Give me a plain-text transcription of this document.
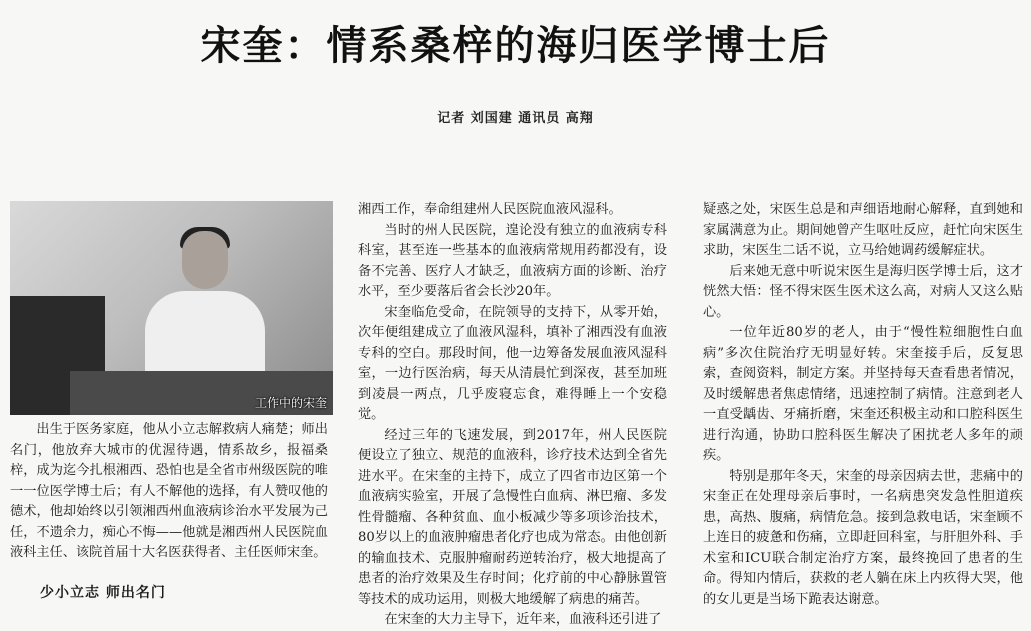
宋奎：情系桑梓的海归医学博士后
记者 刘国建 通讯员 高翔
工作中的宋奎

出生于医务家庭，他从小立志解救病人痛楚；师出名门，他放弃大城市的优渥待遇，情系故乡，报福桑梓，成为迄今扎根湘西、恐怕也是全省市州级医院的唯一一位医学博士后；有人不解他的选择，有人赞叹他的德术，他却始终以引领湘西州血液病诊治水平发展为己任，不遗余力，痴心不悔——他就是湘西州人民医院血液科主任、该院首届十大名医获得者、主任医师宋奎。

少小立志 师出名门

湘西工作，奉命组建州人民医院血液风湿科。

当时的州人民医院，遑论没有独立的血液病专科科室，甚至连一些基本的血液病常规用药都没有，设备不完善、医疗人才缺乏，血液病方面的诊断、治疗水平，至少要落后省会长沙20年。

宋奎临危受命，在院领导的支持下，从零开始，次年便组建成立了血液风湿科，填补了湘西没有血液专科的空白。那段时间，他一边筹备发展血液风湿科室，一边行医治病，每天从清晨忙到深夜，甚至加班到凌晨一两点，几乎废寝忘食，难得睡上一个安稳觉。

经过三年的飞速发展，到2017年，州人民医院便设立了独立、规范的血液科，诊疗技术达到全省先进水平。在宋奎的主持下，成立了四省市边区第一个血液病实验室，开展了急慢性白血病、淋巴瘤、多发性骨髓瘤、各种贫血、血小板减少等多项诊治技术，80岁以上的血液肿瘤患者化疗也成为常态。由他创新的输血技术、克服肿瘤耐药逆转治疗，极大地提高了患者的治疗效果及生存时间；化疗前的中心静脉置管等技术的成功运用，则极大地缓解了病患的痛苦。

在宋奎的大力主导下，近年来，血液科还引进了

疑惑之处，宋医生总是和声细语地耐心解释，直到她和家属满意为止。期间她曾产生呕吐反应，赶忙向宋医生求助，宋医生二话不说，立马给她调药缓解症状。

后来她无意中听说宋医生是海归医学博士后，这才恍然大悟：怪不得宋医生医术这么高，对病人又这么贴心。

一位年近80岁的老人，由于“慢性粒细胞性白血病”多次住院治疗无明显好转。宋奎接手后，反复思索，查阅资料，制定方案。并坚持每天查看患者情况，及时缓解患者焦虑情绪，迅速控制了病情。注意到老人一直受龋齿、牙痛折磨，宋奎还积极主动和口腔科医生进行沟通，协助口腔科医生解决了困扰老人多年的顽疾。

特别是那年冬天，宋奎的母亲因病去世，悲痛中的宋奎正在处理母亲后事时，一名病患突发急性胆道疾患，高热、腹痛，病情危急。接到急救电话，宋奎顾不上连日的疲惫和伤痛，立即赶回科室，与肝胆外科、手术室和ICU联合制定治疗方案，最终挽回了患者的生命。得知内情后，获救的老人躺在床上内疚得大哭，他的女儿更是当场下跪表达谢意。
